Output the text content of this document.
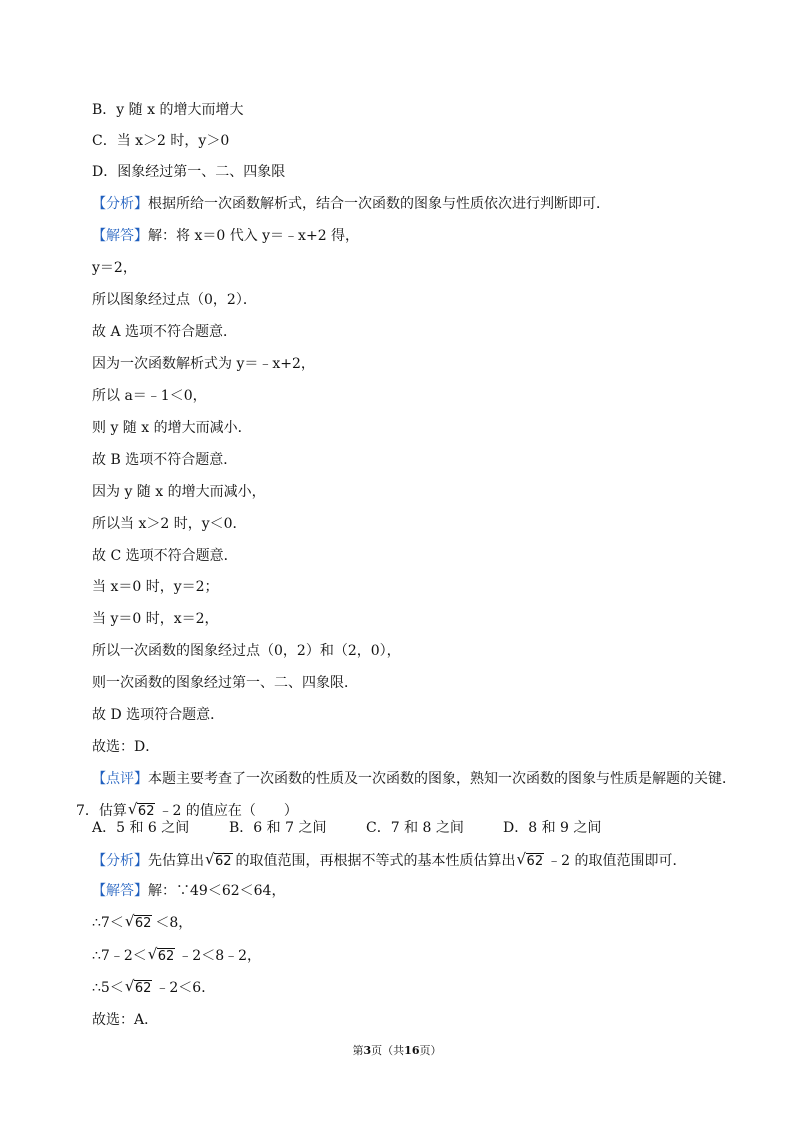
B．y 随 x 的增大而增大
C．当 x＞2 时，y＞0
D．图象经过第一、二、四象限
【分析】根据所给一次函数解析式，结合一次函数的图象与性质依次进行判断即可．
【解答】解：将 x＝0 代入 y＝﹣x+2 得，
y＝2，
所以图象经过点（0，2）．
故 A 选项不符合题意．
因为一次函数解析式为 y＝﹣x+2，
所以 a＝﹣1＜0，
则 y 随 x 的增大而减小．
故 B 选项不符合题意．
因为 y 随 x 的增大而减小，
所以当 x＞2 时，y＜0．
故 C 选项不符合题意．
当 x＝0 时，y＝2；
当 y＝0 时，x＝2，
所以一次函数的图象经过点（0，2）和（2，0），
则一次函数的图象经过第一、二、四象限．
故 D 选项符合题意．
故选：D．
【点评】本题主要考查了一次函数的性质及一次函数的图象，熟知一次函数的图象与性质是解题的关键．
7．估算 √ 62 ﹣2 的值应在（　　）
A．5 和 6 之间	B．6 和 7 之间	C．7 和 8 之间	D．8 和 9 之间
【分析】先估算出 √ 62 的取值范围，再根据不等式的基本性质估算出 √ 62 ﹣2 的取值范围即可．
【解答】解：∵49＜62＜64，
∴7＜ √ 62 ＜8，
∴7﹣2＜ √ 62 ﹣2＜8﹣2，
∴5＜ √ 62 ﹣2＜6．
故选：A．
第3页（共16页）
